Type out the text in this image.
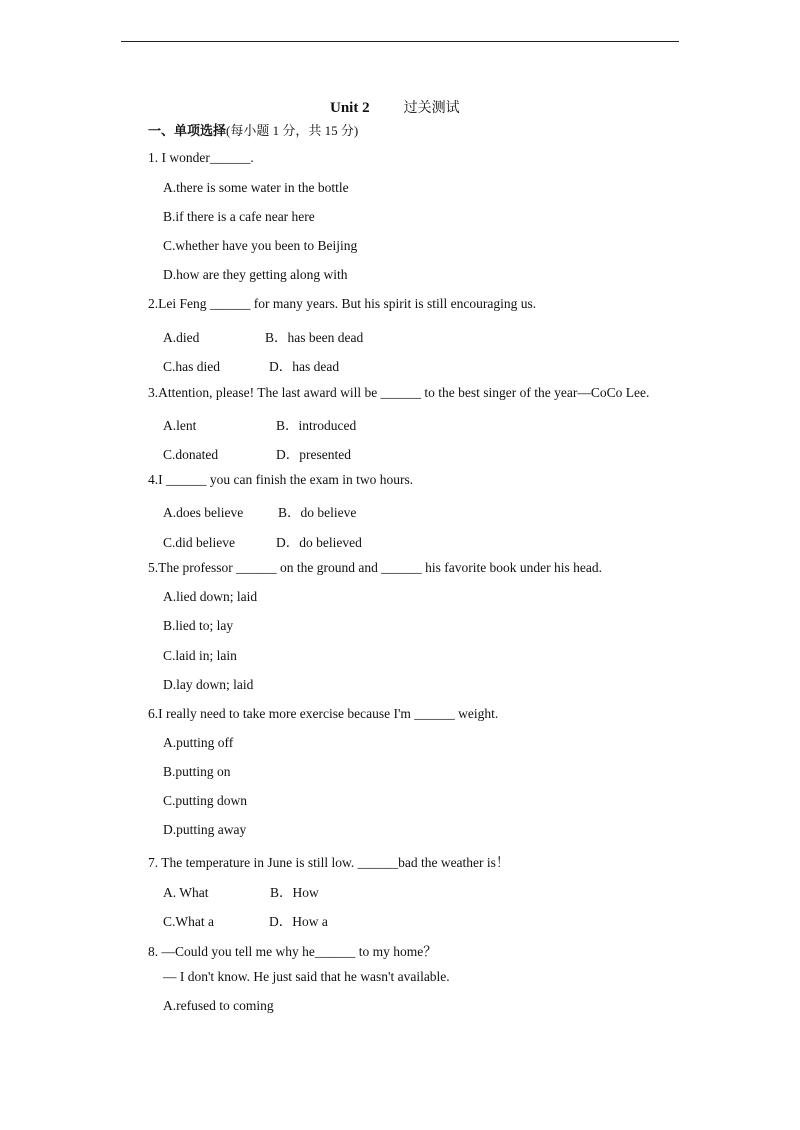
Unit 2 过关测试
一、单项选择(每小题 1 分，共 15 分)
1. I wonder______.
A.there is some water in the bottle
B.if there is a cafe near here
C.whether have you been to Beijing
D.how are they getting along with
2.Lei Feng ______ for many years. But his spirit is still encouraging us.
A.died	B．has been dead
C.has died	D．has dead
3.Attention, please! The last award will be ______ to the best singer of the year—CoCo Lee.
A.lent	B．introduced
C.donated	D．presented
4.I ______ you can finish the exam in two hours.
A.does believe	B．do believe
C.did believe	D．do believed
5.The professor ______ on the ground and ______ his favorite book under his head.
A.lied down; laid
B.lied to; lay
C.laid in; lain
D.lay down; laid
6.I really need to take more exercise because I'm ______ weight.
A.putting off
B.putting on
C.putting down
D.putting away
7. The temperature in June is still low. ______bad the weather is！
A. What	B．How
C.What a	D．How a
8. —Could you tell me why he______ to my home？
— I don't know. He just said that he wasn't available.
A.refused to coming
